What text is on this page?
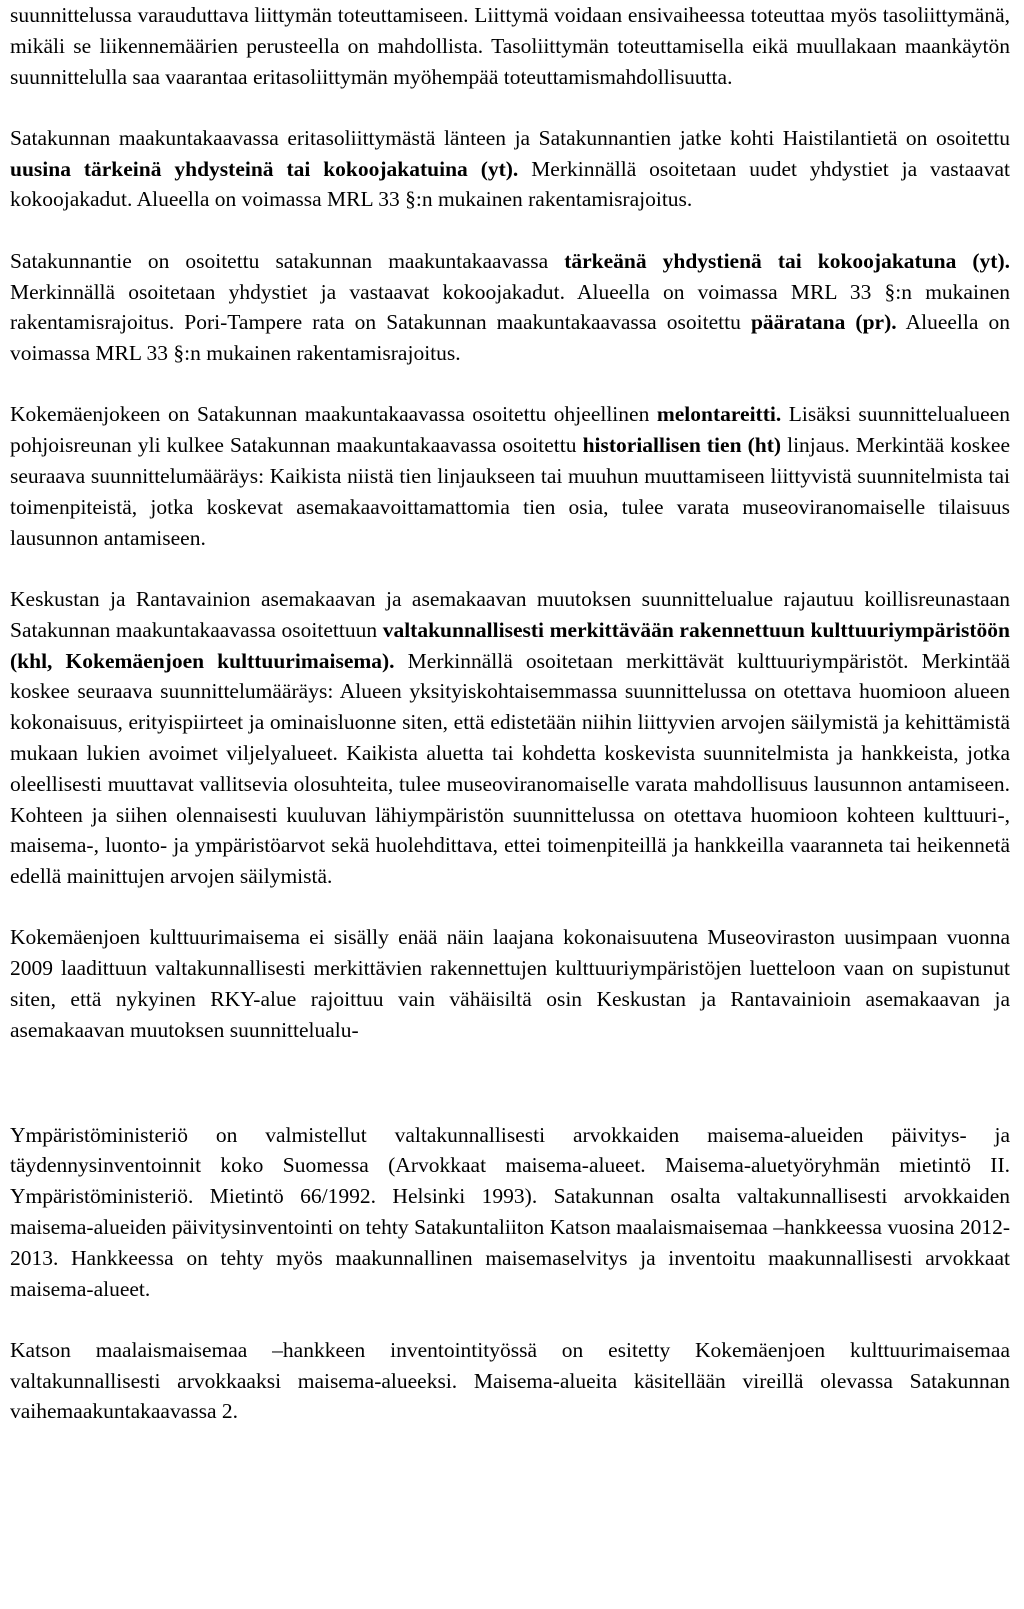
suunnittelussa varauduttava liittymän toteuttamiseen. Liittymä voidaan ensivaiheessa toteuttaa myös tasoliittymänä, mikäli se liikennemäärien perusteella on mahdollista. Tasoliittymän toteuttamisella eikä muullakaan maankäytön suunnittelulla saa vaarantaa eritasoliittymän myöhempää toteuttamismahdollisuutta.

Satakunnan maakuntakaavassa eritasoliittymästä länteen ja Satakunnantien jatke kohti Haistilantietä on osoitettu uusina tärkeinä yhdysteinä tai kokoojakatuina (yt). Merkinnällä osoitetaan uudet yhdystiet ja vastaavat kokoojakadut. Alueella on voimassa MRL 33 §:n mukainen rakentamisrajoitus.

Satakunnantie on osoitettu satakunnan maakuntakaavassa tärkeänä yhdystienä tai kokoojakatuna (yt). Merkinnällä osoitetaan yhdystiet ja vastaavat kokoojakadut. Alueella on voimassa MRL 33 §:n mukainen rakentamisrajoitus. Pori-Tampere rata on Satakunnan maakuntakaavassa osoitettu pääratana (pr). Alueella on voimassa MRL 33 §:n mukainen rakentamisrajoitus.

Kokemäenjokeen on Satakunnan maakuntakaavassa osoitettu ohjeellinen melontareitti. Lisäksi suunnittelualueen pohjoisreunan yli kulkee Satakunnan maakuntakaavassa osoitettu historiallisen tien (ht) linjaus. Merkintää koskee seuraava suunnittelumääräys: Kaikista niistä tien linjaukseen tai muuhun muuttamiseen liittyvistä suunnitelmista tai toimenpiteistä, jotka koskevat asemakaavoittamattomia tien osia, tulee varata museoviranomaiselle tilaisuus lausunnon antamiseen.

Keskustan ja Rantavainion asemakaavan ja asemakaavan muutoksen suunnittelualue rajautuu koillisreunastaan Satakunnan maakuntakaavassa osoitettuun valtakunnallisesti merkittävään rakennettuun kulttuuriympäristöön (khl, Kokemäenjoen kulttuurimaisema). Merkinnällä osoitetaan merkittävät kulttuuriympäristöt. Merkintää koskee seuraava suunnittelumääräys: Alueen yksityiskohtaisemmassa suunnittelussa on otettava huomioon alueen kokonaisuus, erityispiirteet ja ominaisluonne siten, että edistetään niihin liittyvien arvojen säilymistä ja kehittämistä mukaan lukien avoimet viljelyalueet. Kaikista aluetta tai kohdetta koskevista suunnitelmista ja hankkeista, jotka oleellisesti muuttavat vallitsevia olosuhteita, tulee museoviranomaiselle varata mahdollisuus lausunnon antamiseen. Kohteen ja siihen olennaisesti kuuluvan lähiympäristön suunnittelussa on otettava huomioon kohteen kulttuuri-, maisema-, luonto- ja ympäristöarvot sekä huolehdittava, ettei toimenpiteillä ja hankkeilla vaaranneta tai heikennetä edellä mainittujen arvojen säilymistä.

Kokemäenjoen kulttuurimaisema ei sisälly enää näin laajana kokonaisuutena Museoviraston uusimpaan vuonna 2009 laadittuun valtakunnallisesti merkittävien rakennettujen kulttuuriympäristöjen luetteloon vaan on supistunut siten, että nykyinen RKY-alue rajoittuu vain vähäisiltä osin Keskustan ja Rantavainioin asemakaavan ja asemakaavan muutoksen suunnittelualu-

Ympäristöministeriö on valmistellut valtakunnallisesti arvokkaiden maisema-alueiden päivitys- ja täydennysinventoinnit koko Suomessa (Arvokkaat maisema-alueet. Maisema-aluetyöryhmän mietintö II. Ympäristöministeriö. Mietintö 66/1992. Helsinki 1993). Satakunnan osalta valtakunnallisesti arvokkaiden maisema-alueiden päivitysinventointi on tehty Satakuntaliiton Katson maalaismaisemaa –hankkeessa vuosina 2012-2013. Hankkeessa on tehty myös maakunnallinen maisemaselvitys ja inventoitu maakunnallisesti arvokkaat maisema-alueet.

Katson maalaismaisemaa –hankkeen inventointityössä on esitetty Kokemäenjoen kulttuurimaisemaa valtakunnallisesti arvokkaaksi maisema-alueeksi. Maisema-alueita käsitellään vireillä olevassa Satakunnan vaihemaakuntakaavassa 2.
